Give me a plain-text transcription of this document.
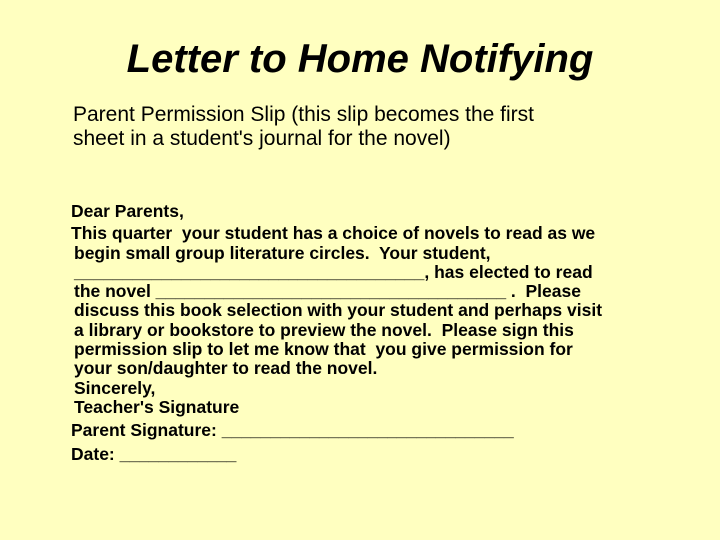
Letter to Home Notifying
Parent Permission Slip (this slip becomes the first
sheet in a student's journal for the novel)
Dear Parents,
This quarter  your student has a choice of novels to read as we
begin small group literature circles.  Your student,
____________________________________, has elected to read
the novel ____________________________________ .  Please
discuss this book selection with your student and perhaps visit
a library or bookstore to preview the novel.  Please sign this
permission slip to let me know that  you give permission for
your son/daughter to read the novel.
Sincerely,
Teacher's Signature
Parent Signature: ______________________________
Date: ____________
